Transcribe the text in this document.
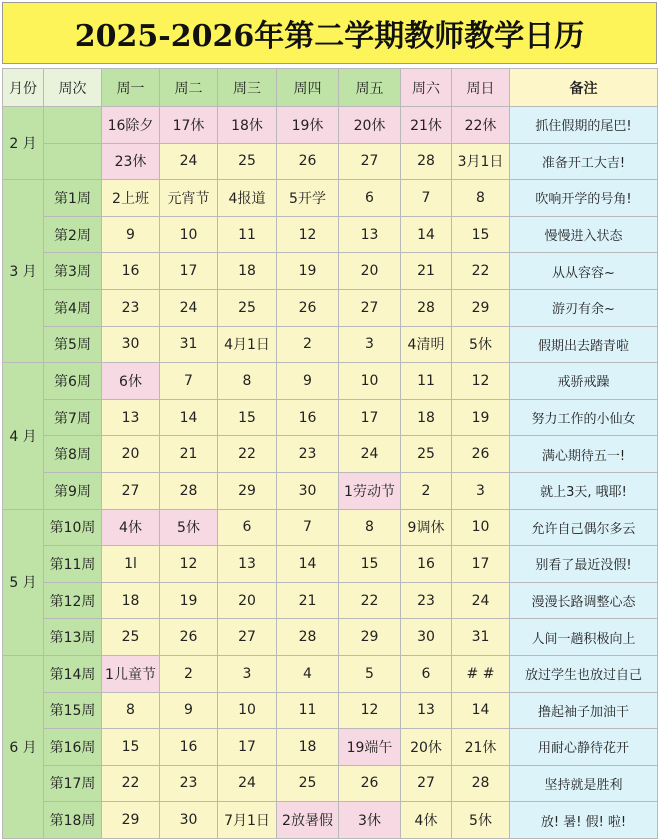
2025-2026年第二学期教师教学日历
月份	周次	周一	周二	周三	周四	周五	周六	周日	备注
2 月		16除夕	17休	18休	19休	20休	21休	22休	抓住假期的尾巴!
		23休	24	25	26	27	28	3月1日	准备开工大吉!
3 月	第1周	2上班	元宵节	4报道	5开学	6	7	8	吹响开学的号角!
	第2周	9	10	11	12	13	14	15	慢慢进入状态
	第3周	16	17	18	19	20	21	22	从从容容~
	第4周	23	24	25	26	27	28	29	游刃有余~
	第5周	30	31	4月1日	2	3	4清明	5休	假期出去踏青啦
4 月	第6周	6休	7	8	9	10	11	12	戒骄戒躁
	第7周	13	14	15	16	17	18	19	努力工作的小仙女
	第8周	20	21	22	23	24	25	26	满心期待五一!
	第9周	27	28	29	30	1劳动节	2	3	就上3天, 哦耶!
5 月	第10周	4休	5休	6	7	8	9调休	10	允许自己偶尔多云
	第11周	1l	12	13	14	15	16	17	别看了最近没假!
	第12周	18	19	20	21	22	23	24	漫漫长路调整心态
	第13周	25	26	27	28	29	30	31	人间一趟积极向上
6 月	第14周	1儿童节	2	3	4	5	6	# #	放过学生也放过自己
	第15周	8	9	10	11	12	13	14	撸起袖子加油干
	第16周	15	16	17	18	19端午	20休	21休	用耐心静待花开
	第17周	22	23	24	25	26	27	28	坚持就是胜利
	第18周	29	30	7月1日	2放暑假	3休	4休	5休	放! 暑! 假! 啦!
